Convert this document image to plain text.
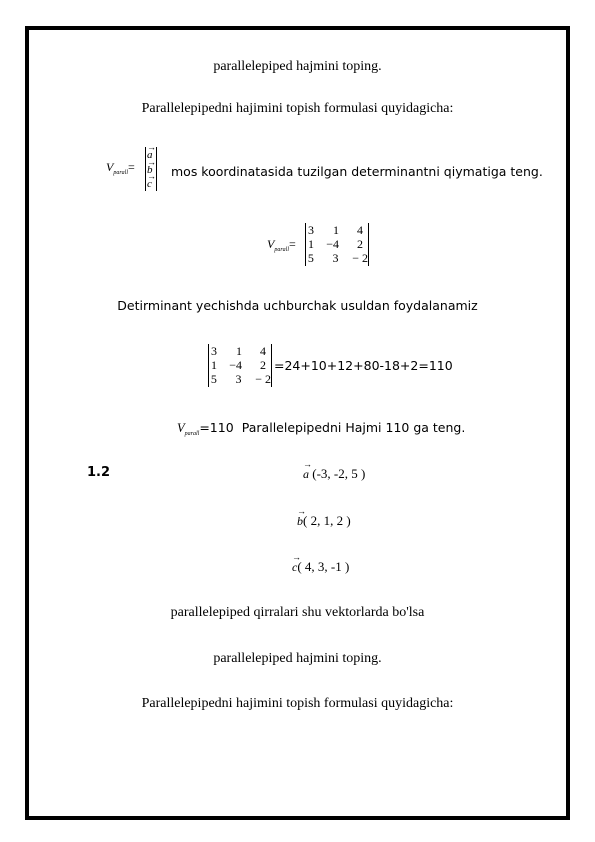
parallelepiped hajmini toping.
Parallelepipedni hajimini topish formulasi quyidagicha:
$V_{parall}=$
→ a
→ b
→ c
mos koordinatasida tuzilgan determinantni qiymatiga teng.
$V_{parall}=$
3	1	4
1	−4	2
5	3	− 2
Detirminant yechishda uchburchak usuldan foydalanamiz
3	1	4
1	−4	2
5	3	− 2
=24+10+12+80-18+2=110
$V_{parall}=110$ Parallelepipedni Hajmi 110 ga teng.
1.2
→	a (-3, -2, 5 )
→ b( 2, 1, 2 )
→ c( 4, 3, -1 )
parallelepiped qirralari shu vektorlarda bo'lsa
parallelepiped hajmini toping.
Parallelepipedni hajimini topish formulasi quyidagicha:
